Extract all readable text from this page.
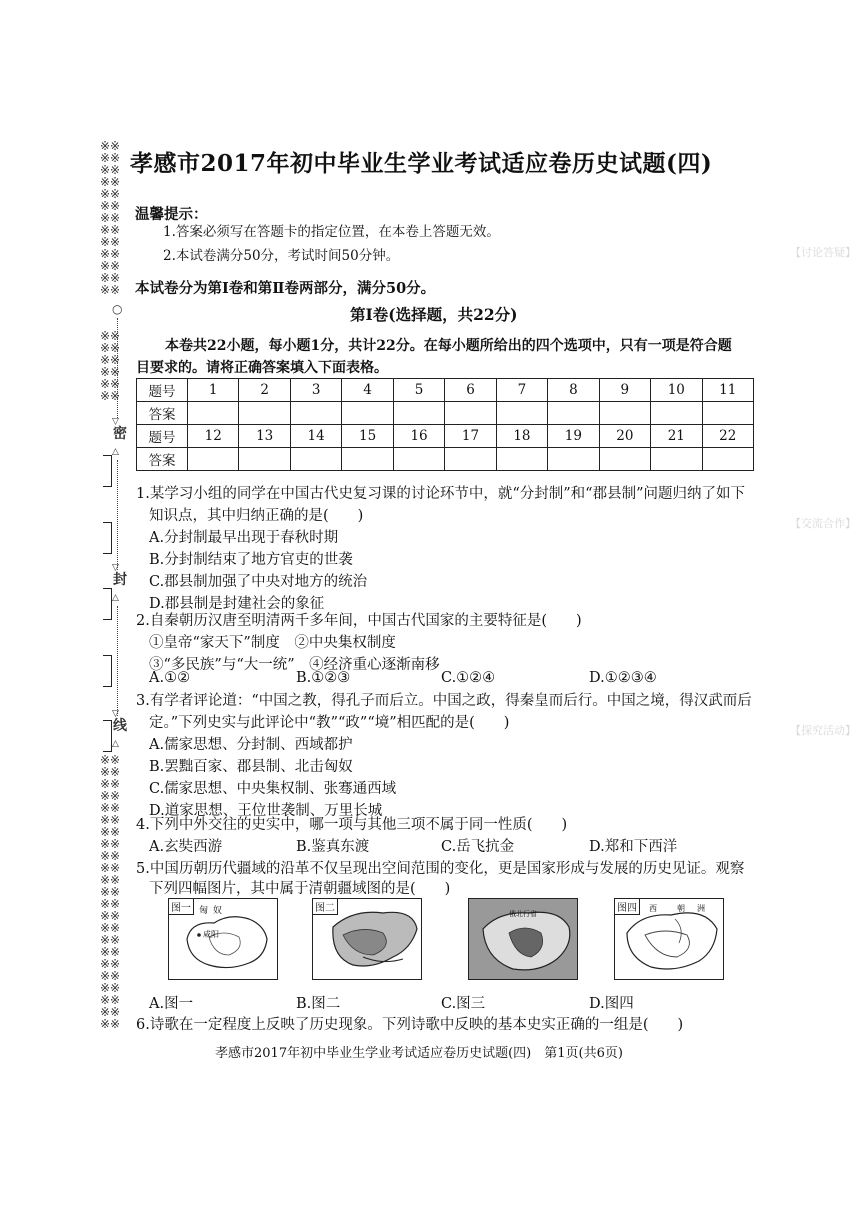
※※
※※
※※
※※
※※
※※
※※
※※
※※
※※
※※
※※
※※
○
※※
※※
※※
※※
※※
※※
▽
密
△
▽
封
△
▽
线
△
※※
※※
※※
※※
※※
※※
※※
※※
※※
※※
※※
※※
※※
※※
※※
※※
※※
※※
※※
※※
※※
※※
※※
【讨论答疑】
【交流合作】
【探究活动】
孝感市2017年初中毕业生学业考试适应卷历史试题(四)
温馨提示：
1.答案必须写在答题卡的指定位置，在本卷上答题无效。
2.本试卷满分50分，考试时间50分钟。
本试卷分为第Ⅰ卷和第Ⅱ卷两部分，满分50分。
第Ⅰ卷(选择题，共22分)
本卷共22小题，每小题1分，共计22分。在每小题所给出的四个选项中，只有一项是符合题
目要求的。请将正确答案填入下面表格。
题号	1	2	3	4	5	6	7	8	9	10	11
答案											
题号	12	13	14	15	16	17	18	19	20	21	22
答案											
1.某学习小组的同学在中国古代史复习课的讨论环节中，就“分封制”和“郡县制”问题归纳了如下
知识点，其中归纳正确的是(　　)
A.分封制最早出现于春秋时期
B.分封制结束了地方官吏的世袭
C.郡县制加强了中央对地方的统治
D.郡县制是封建社会的象征
2.自秦朝历汉唐至明清两千多年间，中国古代国家的主要特征是(　　)
①皇帝“家天下”制度　②中央集权制度
③“多民族”与“大一统”　④经济重心逐渐南移
A.①②	B.①②③	C.①②④	D.①②③④
3.有学者评论道：“中国之教，得孔子而后立。中国之政，得秦皇而后行。中国之境，得汉武而后
定。”下列史实与此评论中“教”“政”“境”相匹配的是(　　)
A.儒家思想、分封制、西域都护
B.罢黜百家、郡县制、北击匈奴
C.儒家思想、中央集权制、张骞通西域
D.道家思想、王位世袭制、万里长城
4.下列中外交往的史实中，哪一项与其他三项不属于同一性质(　　)
A.玄奘西游	B.鉴真东渡	C.岳飞抗金	D.郑和下西洋
5.中国历朝历代疆域的沿革不仅呈现出空间范围的变化，更是国家形成与发展的历史见证。观察
下列四幅图片，其中属于清朝疆域图的是(　　)
图一 匈 奴
咸阳
图二	俄北行省	图四	西	朝 洲
A.图一	B.图二	C.图三	D.图四
6.诗歌在一定程度上反映了历史现象。下列诗歌中反映的基本史实正确的一组是(　　)
孝感市2017年初中毕业生学业考试适应卷历史试题(四)　第1页(共6页)
